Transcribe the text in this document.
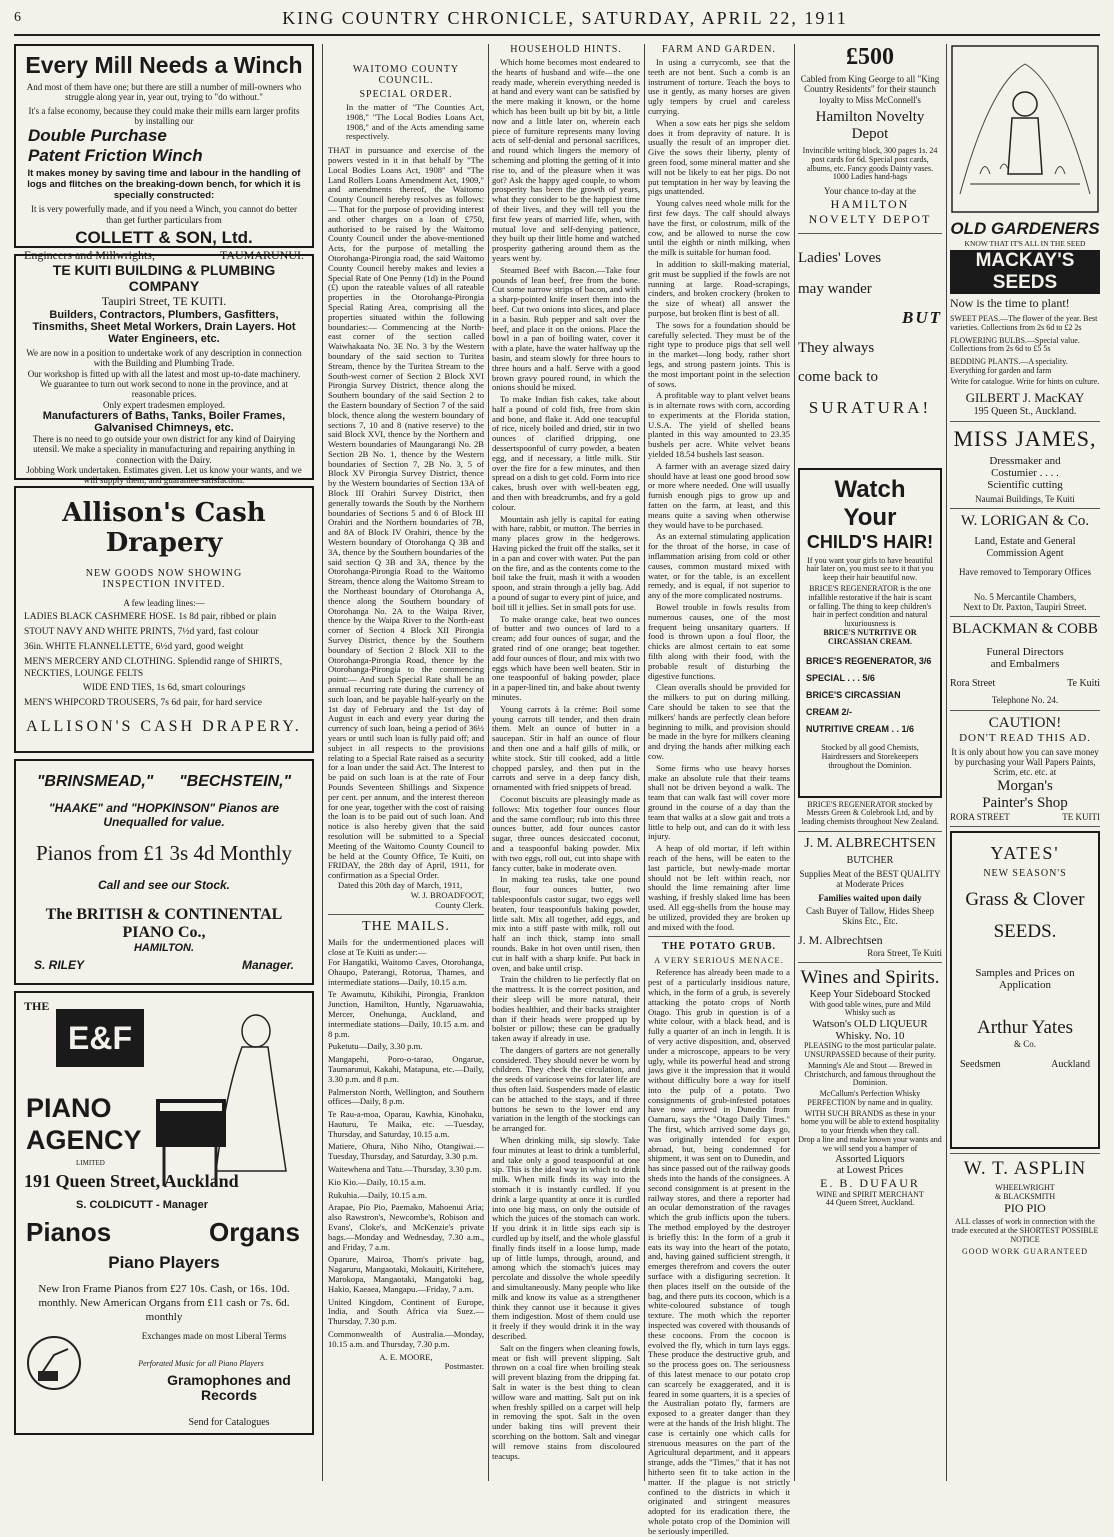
6	KING COUNTRY CHRONICLE, SATURDAY, APRIL 22, 1911
Every Mill Needs a Winch
And most of them have one; but there are still a number of mill-owners who struggle along year in, year out, trying to "do without."
It's a false economy, because they could make their mills earn larger profits by installing our
Double Purchase
Patent Friction Winch
It makes money by saving time and labour in the handling of logs and flitches on the breaking-down bench, for which it is specially constructed:
It is very powerfully made, and if you need a Winch, you cannot do better than get further particulars from
COLLETT & SON, Ltd.
Engineers and Millwrights,	TAUMARUNUI.
TE KUITI BUILDING & PLUMBING COMPANY
Taupiri Street, TE KUITI.
Builders, Contractors, Plumbers, Gasfitters, Tinsmiths, Sheet Metal Workers, Drain Layers. Hot Water Engineers, etc.
We are now in a position to undertake work of any description in connection with the Building and Plumbing Trade.
Our workshop is fitted up with all the latest and most up-to-date machinery. We guarantee to turn out work second to none in the province, and at reasonable prices.
Only expert tradesmen employed.
Manufacturers of Baths, Tanks, Boiler Frames, Galvanised Chimneys, etc.
There is no need to go outside your own district for any kind of Dairying utensil. We make a speciality in manufacturing and repairing anything in connection with the Dairy.
Jobbing Work undertaken. Estimates given. Let us know your wants, and we will supply them, and guarantee satisfaction.
Allison's Cash Drapery
NEW GOODS NOW SHOWING
INSPECTION INVITED.
A few leading lines:—

LADIES BLACK CASHMERE HOSE. 1s 8d pair, ribbed or plain

STOUT NAVY AND WHITE PRINTS, 7½d yard, fast colour

36in. WHITE FLANNELLETTE, 6½d yard, good weight

MEN'S MERCERY AND CLOTHING. Splendid range of SHIRTS, NECKTIES, LOUNGE FELTS

WIDE END TIES, 1s 6d, smart colourings

MEN'S WHIPCORD TROUSERS, 7s 6d pair, for hard service

ALLISON'S CASH DRAPERY.
"BRINSMEAD," "BECHSTEIN,"
"HAAKE" and "HOPKINSON" Pianos are Unequalled for value.
Pianos from £1 3s 4d Monthly
Call and see our Stock.
The BRITISH & CONTINENTAL PIANO Co.,
HAMILTON.
S. RILEY	Manager.
THE
E&F
PIANO
AGENCY
LIMITED
191 Queen Street, Auckland
S. COLDICUTT - Manager
Pianos	Organs
Piano Players
New Iron Frame Pianos from £27 10s. Cash, or 16s. 10d. monthly. New American Organs from £11 cash or 7s. 6d. monthly
Exchanges made on most Liberal Terms
Perforated Music for all Piano Players
Gramophones and Records
Send for Catalogues
WAITOMO COUNTY COUNCIL.
SPECIAL ORDER.
In the matter of "The Counties Act, 1908," "The Local Bodies Loans Act, 1908," and of the Acts amending same respectively.
THAT in pursuance and exercise of the powers vested in it in that behalf by "The Local Bodies Loans Act, 1908" and "The Land Rollers Loans Amendment Act, 1909," and amendments thereof, the Waitomo County Council hereby resolves as follows:— That for the purpose of providing interest and other charges on a loan of £750, authorised to be raised by the Waitomo County Council under the above-mentioned Acts, for the purpose of metalling the Otorohanga-Pirongia road, the said Waitomo County Council hereby makes and levies a Special Rate of One Penny (1d) in the Pound (£) upon the rateable values of all rateable properties in the Otorohanga-Pirongia Special Rating Area, comprising all the properties situated within the following boundaries:— Commencing at the North-east corner of the section called Waiwhakaata No. 3E No. 3 by the Western boundary of the said section to Turitea Stream, thence by the Turitea Stream to the South-west corner of Section 2 Block XVI Pirongia Survey District, thence along the Southern boundary of the said Section 2 to the Eastern boundary of Section 7 of the said block, thence along the western boundary of sections 7, 10 and 8 (native reserve) to the said Block XVI, thence by the Northern and Western boundaries of Maungarangi No. 2B Section 2B No. 1, thence by the Western boundaries of Section 7, 2B No. 3, 5 of Block XV Pirongia Survey District, thence by the Western boundaries of Section 13A of Block III Orahiri Survey District, then generally towards the South by the Northern boundaries of Sections 5 and 6 of Block III Orahiri and the Northern boundaries of 7B, and 8A of Block IV Orahiri, thence by the Western boundary of Otorohanga Q 3B and 3A, thence by the Southern boundaries of the said section Q 3B and 3A, thence by the Otorohanga-Pirongia Road to the Waitomo Stream, thence along the Waitomo Stream to the Northeast boundary of Otorohanga A, thence along the Southern boundary of Otorohanga No. 2A to the Waipa River, thence by the Waipa River to the North-east corner of Section 4 Block XII Pirongia Survey District, thence by the Southern boundary of Section 2 Block XII to the Otorohanga-Pirongia Road, thence by the Otorohanga-Pirongia to the commencing point:— And such Special Rate shall be an annual recurring rate during the currency of such loan, and be payable half-yearly on the 1st day of February and the 1st day of August in each and every year during the currency of such loan, being a period of 36½ years or until such loan is fully paid off; and subject in all respects to the provisions relating to a Special Rate raised as a security for a loan under the said Act. The Interest to be paid on such loan is at the rate of Four Pounds Seventeen Shillings and Sixpence per cent. per annum, and the interest thereon for one year, together with the cost of raising the loan is to be paid out of such loan. And notice is also hereby given that the said resolution will be submitted to a Special Meeting of the Waitomo County Council to be held at the County Office, Te Kuiti, on FRIDAY, the 28th day of April, 1911, for confirmation as a Special Order.
Dated this 20th day of March, 1911,
W. J. BROADFOOT,
County Clerk.
THE MAILS.
Mails for the undermentioned places will close at Te Kuiti as under:—

For Hangatiki, Waitomo Caves, Otorohanga, Ohaupo, Paterangi, Rotorua, Thames, and intermediate stations—Daily, 10.15 a.m.

Te Awamutu, Kihikihi, Pirongia, Frankton Junction, Hamilton, Huntly, Ngaruawahia, Mercer, Onehunga, Auckland, and intermediate stations—Daily, 10.15 a.m. and 8 p.m.

Puketutu—Daily, 3.30 p.m.

Mangapehi, Poro-o-tarao, Ongarue, Taumarunui, Kakahi, Matapuna, etc.—Daily, 3.30 p.m. and 8 p.m.

Palmerston North, Wellington, and Southern offices—Daily, 8 p.m.

Te Rau-a-moa, Oparau, Kawhia, Kinohaku, Hauturu, Te Maika, etc. —Tuesday, Thursday, and Saturday, 10.15 a.m.

Matiere, Ohura, Niho Niho, Otangiwai.—Tuesday, Thursday, and Saturday, 3.30 p.m.

Waitewhena and Tatu.—Thursday, 3.30 p.m.

Kio Kio.—Daily, 10.15 a.m.

Rukuhia.—Daily, 10.15 a.m.

Arapae, Pio Pio, Paemako, Mahoenui Aria; also Rawstron's, Newcombe's, Robison and Evans', Cloke's, and McKenzie's private bags.—Monday and Wednesday, 7.30 a.m., and Friday, 7 a.m.

Oparure, Mairoa, Thom's private bag, Nagaruru, Mangaotaki, Mokauiti, Kiritehere, Marokopa, Mangaotaki, Mangatoki bag, Hakio, Kaeaea, Mangapu.—Friday, 7 a.m.

United Kingdom, Continent of Europe, India, and South Africa via Suez.—Thursday, 7.30 p.m.

Commonwealth of Australia.—Monday, 10.15 a.m. and Thursday, 7.30 p.m.

A. E. MOORE,
Postmaster.
HOUSEHOLD HINTS.

Which home becomes most endeared to the hearts of husband and wife—the one ready made, wherein everything needed is at hand and every want can be satisfied by the mere making it known, or the home which has been built up bit by bit, a little now and a little later on, wherein each piece of furniture represents many loving acts of self-denial and personal sacrifices, and round which lingers the memory of scheming and plotting the getting of it into rise to, and of the pleasure when it was got? Ask the happy aged couple, to whom prosperity has been the growth of years, what they consider to be the happiest time of their lives, and they will tell you the first few years of married life, when, with mutual love and self-denying patience, they built up their little home and watched prosperity gathering around them as the years went by.

Steamed Beef with Bacon.—Take four pounds of lean beef, free from the bone. Cut some narrow strips of bacon, and with a sharp-pointed knife insert them into the beef. Cut two onions into slices, and place in a basin. Rub pepper and salt over the beef, and place it on the onions. Place the bowl in a pan of boiling water, cover it with a plate, have the water halfway up the basin, and steam slowly for three hours to three hours and a half. Serve with a good brown gravy poured round, in which the onions should be mixed.

To make Indian fish cakes, take about half a pound of cold fish, free from skin and bone, and flake it. Add one teacupful of rice, nicely boiled and dried, stir in two ounces of clarified dripping, one dessertspoonful of curry powder, a beaten egg, and if necessary, a little milk. Stir over the fire for a few minutes, and then spread on a dish to get cold. Form into rice cakes, brush over with well-beaten egg, and then with breadcrumbs, and fry a gold colour.

Mountain ash jelly is capital for eating with hare, rabbit, or mutton. The berries in many places grow in the hedgerows. Having picked the fruit off the stalks, set it in a pan and cover with water. Put the pan on the fire, and as the contents come to the boil take the fruit, mash it with a wooden spoon, and strain through a jelly bag. Add a pound of sugar to every pint of juice, and boil till it jellies. Set in small pots for use.

To make orange cake, beat two ounces of butter and two ounces of lard to a cream; add four ounces of sugar, and the grated rind of one orange; beat together. add four ounces of flour, and mix with two eggs which have been well beaten. Stir in one teaspoonful of baking powder, place in a paper-lined tin, and bake about twenty minutes.

Young carrots à la crème: Boil some young carrots till tender, and then drain them. Melt an ounce of butter in a saucepan. Stir in half an ounce of flour and then one and a half gills of milk, or white stock. Stir till cooked, add a little chopped parsley, and then put in the carrots and serve in a deep fancy dish, ornamented with fried snippets of bread.

Coconut biscuits are pleasingly made as follows: Mix together four ounces flour and the same cornflour; rub into this three ounces butter, add four ounces castor sugar, three ounces desiccated coconut, and a teaspoonful baking powder. Mix with two eggs, roll out, cut into shape with fancy cutter, bake in moderate oven.

In making tea rusks, take one pound flour, four ounces butter, two tablespoonfuls castor sugar, two eggs well beaten, four teaspoonfuls baking powder, little salt. Mix all together, add eggs, and mix into a stiff paste with milk, roll out half an inch thick, stamp into small rounds. Bake in hot oven until risen, then cut in half with a sharp knife. Put back in oven, and bake until crisp.

Train the children to lie perfectly flat on the mattress. It is the correct position, and their sleep will be more natural, their bodies healthier, and their backs straighter than if their heads were propped up by bolster or pillow; these can be gradually taken away if already in use.

The dangers of garters are not generally considered. They should never be worn by children. They check the circulation, and the seeds of varicose veins for later life are thus often laid. Suspenders made of elastic can be attached to the stays, and if three buttons be sewn to the lower end any variation in the length of the stockings can be arranged for.

When drinking milk, sip slowly. Take four minutes at least to drink a tumblerful, and take only a good teaspoonful at one sip. This is the ideal way in which to drink milk. When milk finds its way into the stomach it is instantly curdled. If you drink a large quantity at once it is curdled into one big mass, on only the outside of which the juices of the stomach can work. If you drink it in little sips each sip is curdled up by itself, and the whole glassful finally finds itself in a loose lump, made up of little lumps, through, around, and among which the stomach's juices may percolate and dissolve the whole speedily and simultaneously. Many people who like milk and know its value as a strengthener think they cannot use it because it gives them indigestion. Most of them could use it freely if they would drink it in the way described.

Salt on the fingers when cleaning fowls, meat or fish will prevent slipping. Salt thrown on a coal fire when broiling steak will prevent blazing from the dripping fat. Salt in water is the best thing to clean willow ware and matting. Salt put on ink when freshly spilled on a carpet will help in removing the spot. Salt in the oven under baking tins will prevent their scorching on the bottom. Salt and vinegar will remove stains from discoloured teacups.

FARM AND GARDEN.

In using a currycomb, see that the teeth are not bent. Such a comb is an instrument of torture. Teach the boys to use it gently, as many horses are given ugly tempers by cruel and careless currying.

When a sow eats her pigs she seldom does it from depravity of nature. It is usually the result of an improper diet. Give the sows their liberty, plenty of green food, some mineral matter and she will not be likely to eat her pigs. Do not put temptation in her way by leaving the pigs unattended.

Young calves need whole milk for the first few days. The calf should always have the first, or colostrum, milk of the cow, and be allowed to nurse the cow until the eighth or ninth milking, when the milk is suitable for human food.

In addition to skill-making material, grit must be supplied if the fowls are not running at large. Road-scrapings, cinders, and broken crockery (broken to the size of wheat) all answer the purpose, but broken flint is best of all.

The sows for a foundation should be carefully selected. They must be of the right type to produce pigs that sell well in the market—long body, rather short legs, and strong pastern joints. This is the most important point in the selection of sows.

A profitable way to plant velvet beans is in alternate rows with corn, according to experiments at the Florida station, U.S.A. The yield of shelled beans planted in this way amounted to 23.35 bushels per acre. White velvet beans yielded 18.54 bushels last season.

A farmer with an average sized dairy should have at least one good brood sow or more where needed. One will usually furnish enough pigs to grow up and fatten on the farm, at least, and this means quite a saving when otherwise they would have to be purchased.

As an external stimulating application for the throat of the horse, in case of inflammation arising from cold or other causes, common mustard mixed with water, or for the table, is an excellent remedy, and is equal, if not superior to any of the more complicated nostrums.

Bowel trouble in fowls results from numerous causes, one of the most frequent being unsanitary quarters. If food is thrown upon a foul floor, the chicks are almost certain to eat some filth along with their food, with the probable result of disturbing the digestive functions.

Clean overalls should be provided for the milkers to put on during milking. Care should be taken to see that the milkers' hands are perfectly clean before beginning to milk, and provision should be made in the byre for milkers cleaning and drying the hands after milking each cow.

Some firms who use heavy horses make an absolute rule that their teams shall not be driven beyond a walk. The team that can walk fast will cover more ground in the course of a day than the team that walks at a slow gait and trots a little to help out, and can do it with less injury.

A heap of old mortar, if left within reach of the hens, will be eaten to the last particle, but newly-made mortar should not be left within reach, nor should the lime remaining after lime washing, if freshly slaked lime has been used. All egg-shells from the house may be utilized, provided they are broken up and mixed with the food.

THE POTATO GRUB.
A VERY SERIOUS MENACE.

Reference has already been made to a pest of a particularly insidious nature, which, in the form of a grub, is severely attacking the potato crops of North Otago. This grub in question is of a white colour, with a black head, and is fully a quarter of an inch in length. It is of very active disposition, and, observed under a microscope, appears to be very ugly, while its powerful head and strong jaws give it the impression that it would without difficulty bore a way for itself into the pulp of a potato. Two consignments of grub-infested potatoes have now arrived in Dunedin from Oamaru, says the "Otago Daily Times." The first, which arrived some days go, was originally intended for export abroad, but, being condemned for shipment, it was sent on to Dunedin, and has since passed out of the railway goods sheds into the hands of the consignees. A second consignment is at present in the railway stores, and there a reporter had an ocular demonstration of the ravages which the grub inflicts upon the tubers. The method employed by the destroyer is briefly this: In the form of a grub it eats its way into the heart of the potato, and, having gained sufficient strength, it emerges therefrom and covers the outer surface with a disfiguring secretion. It then places itself on the outside of the bag, and there puts its cocoon, which is a white-coloured substance of tough texture. The moth which the reporter inspected was covered with thousands of these cocoons. From the cocoon is evolved the fly, which in turn lays eggs. These produce the destructive grub, and so the process goes on. The seriousness of this latest menace to our potato crop can scarcely be exaggerated, and it is feared in some quarters, it is a species of the Australian potato fly, farmers are exposed to a greater danger than they were at the hands of the Irish blight. The case is certainly one which calls for strenuous measures on the part of the Agricultural department, and it appears strange, adds the "Times," that it has not hitherto seen fit to take action in the matter. If the plague is not strictly confined to the districts in which it originated and stringent measures adopted for its eradication there, the whole potato crop of the Dominion will be seriously imperilled.

£500
Cabled from King George to all "King Country Residents" for their staunch loyalty to Miss McConnell's
Hamilton Novelty Depot
Invincible writing block, 300 pages 1s. 24 post cards for 6d. Special post cards, albums, etc. Fancy goods Dainty vases. 1000 Ladies hand-bags
Your chance to-day at the
HAMILTON NOVELTY DEPOT
Ladies' Loves
may wander
BUT
They always
come back to
SURATURA!
Watch Your
CHILD'S HAIR!
If you want your girls to have beautiful hair later on, you must see to it that you keep their hair beautiful now.
BRICE'S REGENERATOR is the one infallible restorative if the hair is scant or falling. The thing to keep children's hair in perfect condition and natural luxuriousness is
BRICE'S NUTRITIVE OR CIRCASSIAN CREAM.
BRICE'S REGENERATOR, 3/6
SPECIAL . . . 5/6
BRICE'S CIRCASSIAN CREAM 2/-
NUTRITIVE CREAM . . 1/6
Stocked by all good Chemists, Hairdressers and Storekeepers throughout the Dominion.
BRICE'S REGENERATOR stocked by Messrs Green & Colebrook Ltd, and by leading chemists throughout New Zealand.
J. M. ALBRECHTSEN
BUTCHER
Supplies Meat of the BEST QUALITY at Moderate Prices
Families waited upon daily
Cash Buyer of Tallow, Hides Sheep Skins Etc., Etc.
J. M. Albrechtsen
Rora Street, Te Kuiti
Wines and Spirits.
Keep Your Sideboard Stocked
With good table wines, pure and Mild Whisky such as
Watson's OLD LIQUEUR Whisky. No. 10
PLEASING to the most particular palate. UNSURPASSED because of their purity.
Manning's Ale and Stout — Brewed in Christchurch, and famous throughout the Dominion.
McCallum's Perfection Whisky PERFECTION by name and in quality.
WITH SUCH BRANDS as these in your home you will be able to extend hospitality to your friends when they call.
Drop a line and make known your wants and we will send you a hamper of
Assorted Liquors
at Lowest Prices
E. B. DUFAUR
WINE and SPIRIT MERCHANT
44 Queen Street, Auckland.
OLD GARDENERS
KNOW THAT IT'S ALL IN THE SEED
MACKAY'S SEEDS
Now is the time to plant!
SWEET PEAS.—The flower of the year. Best varieties. Collections from 2s 6d to £2 2s
FLOWERING BULBS.—Special value. Collections from 2s 6d to £5 5s
BEDDING PLANTS.—A speciality. Everything for garden and farm
Write for catalogue. Write for hints on culture.
GILBERT J. MacKAY
195 Queen St., Auckland.
MISS JAMES,
Dressmaker and
Costumier . . . .
Scientific cutting
Naumai Buildings, Te Kuiti
W. LORIGAN & Co.
Land, Estate and General
Commission Agent
Have removed to Temporary Offices
No. 5 Mercantile Chambers,
Next to Dr. Paxton, Taupiri Street.
BLACKMAN & COBB
Funeral Directors
and Embalmers
Rora Street	Te Kuiti
Telephone No. 24.
CAUTION!
DON'T READ THIS AD.
It is only about how you can save money by purchasing your Wall Papers Paints, Scrim, etc. etc. at
Morgan's
Painter's Shop
RORA STREET	TE KUITI
YATES'
NEW SEASON'S
Grass & Clover
SEEDS.
Samples and Prices on Application
Arthur Yates
& Co.
Seedsmen	Auckland
W. T. ASPLIN
WHEELWRIGHT
& BLACKSMITH
PIO PIO
ALL classes of work in connection with the trade executed at the SHORTEST POSSIBLE NOTICE
GOOD WORK GUARANTEED
